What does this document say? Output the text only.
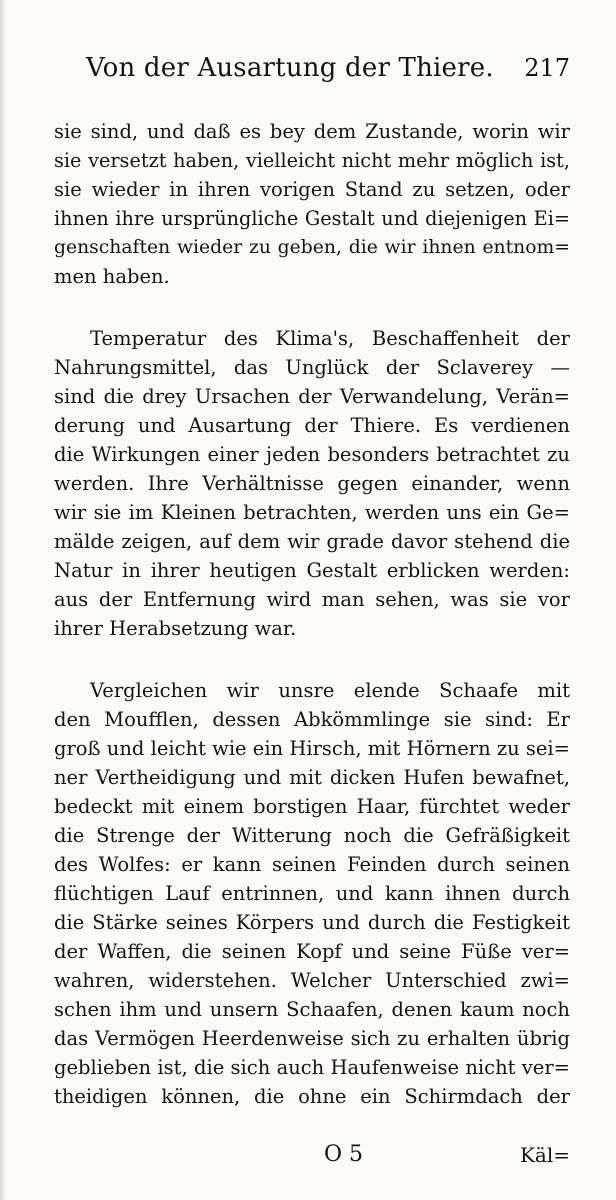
Von der Ausartung der Thiere. 217
sie sind, und daß es bey dem Zustande, worin wir
sie versetzt haben, vielleicht nicht mehr möglich ist,
sie wieder in ihren vorigen Stand zu setzen, oder
ihnen ihre ursprüngliche Gestalt und diejenigen Ei=
genschaften wieder zu geben, die wir ihnen entnom=
men haben.
Temperatur des Klima's, Beschaffenheit der
Nahrungsmittel, das Unglück der Sclaverey —
sind die drey Ursachen der Verwandelung, Verän=
derung und Ausartung der Thiere. Es verdienen
die Wirkungen einer jeden besonders betrachtet zu
werden. Ihre Verhältnisse gegen einander, wenn
wir sie im Kleinen betrachten, werden uns ein Ge=
mälde zeigen, auf dem wir grade davor stehend die
Natur in ihrer heutigen Gestalt erblicken werden:
aus der Entfernung wird man sehen, was sie vor
ihrer Herabsetzung war.
Vergleichen wir unsre elende Schaafe mit
den Moufflen, dessen Abkömmlinge sie sind: Er
groß und leicht wie ein Hirsch, mit Hörnern zu sei=
ner Vertheidigung und mit dicken Hufen bewafnet,
bedeckt mit einem borstigen Haar, fürchtet weder
die Strenge der Witterung noch die Gefräßigkeit
des Wolfes: er kann seinen Feinden durch seinen
flüchtigen Lauf entrinnen, und kann ihnen durch
die Stärke seines Körpers und durch die Festigkeit
der Waffen, die seinen Kopf und seine Füße ver=
wahren, widerstehen. Welcher Unterschied zwi=
schen ihm und unsern Schaafen, denen kaum noch
das Vermögen Heerdenweise sich zu erhalten übrig
geblieben ist, die sich auch Haufenweise nicht ver=
theidigen können, die ohne ein Schirmdach der
O 5	Käl=
